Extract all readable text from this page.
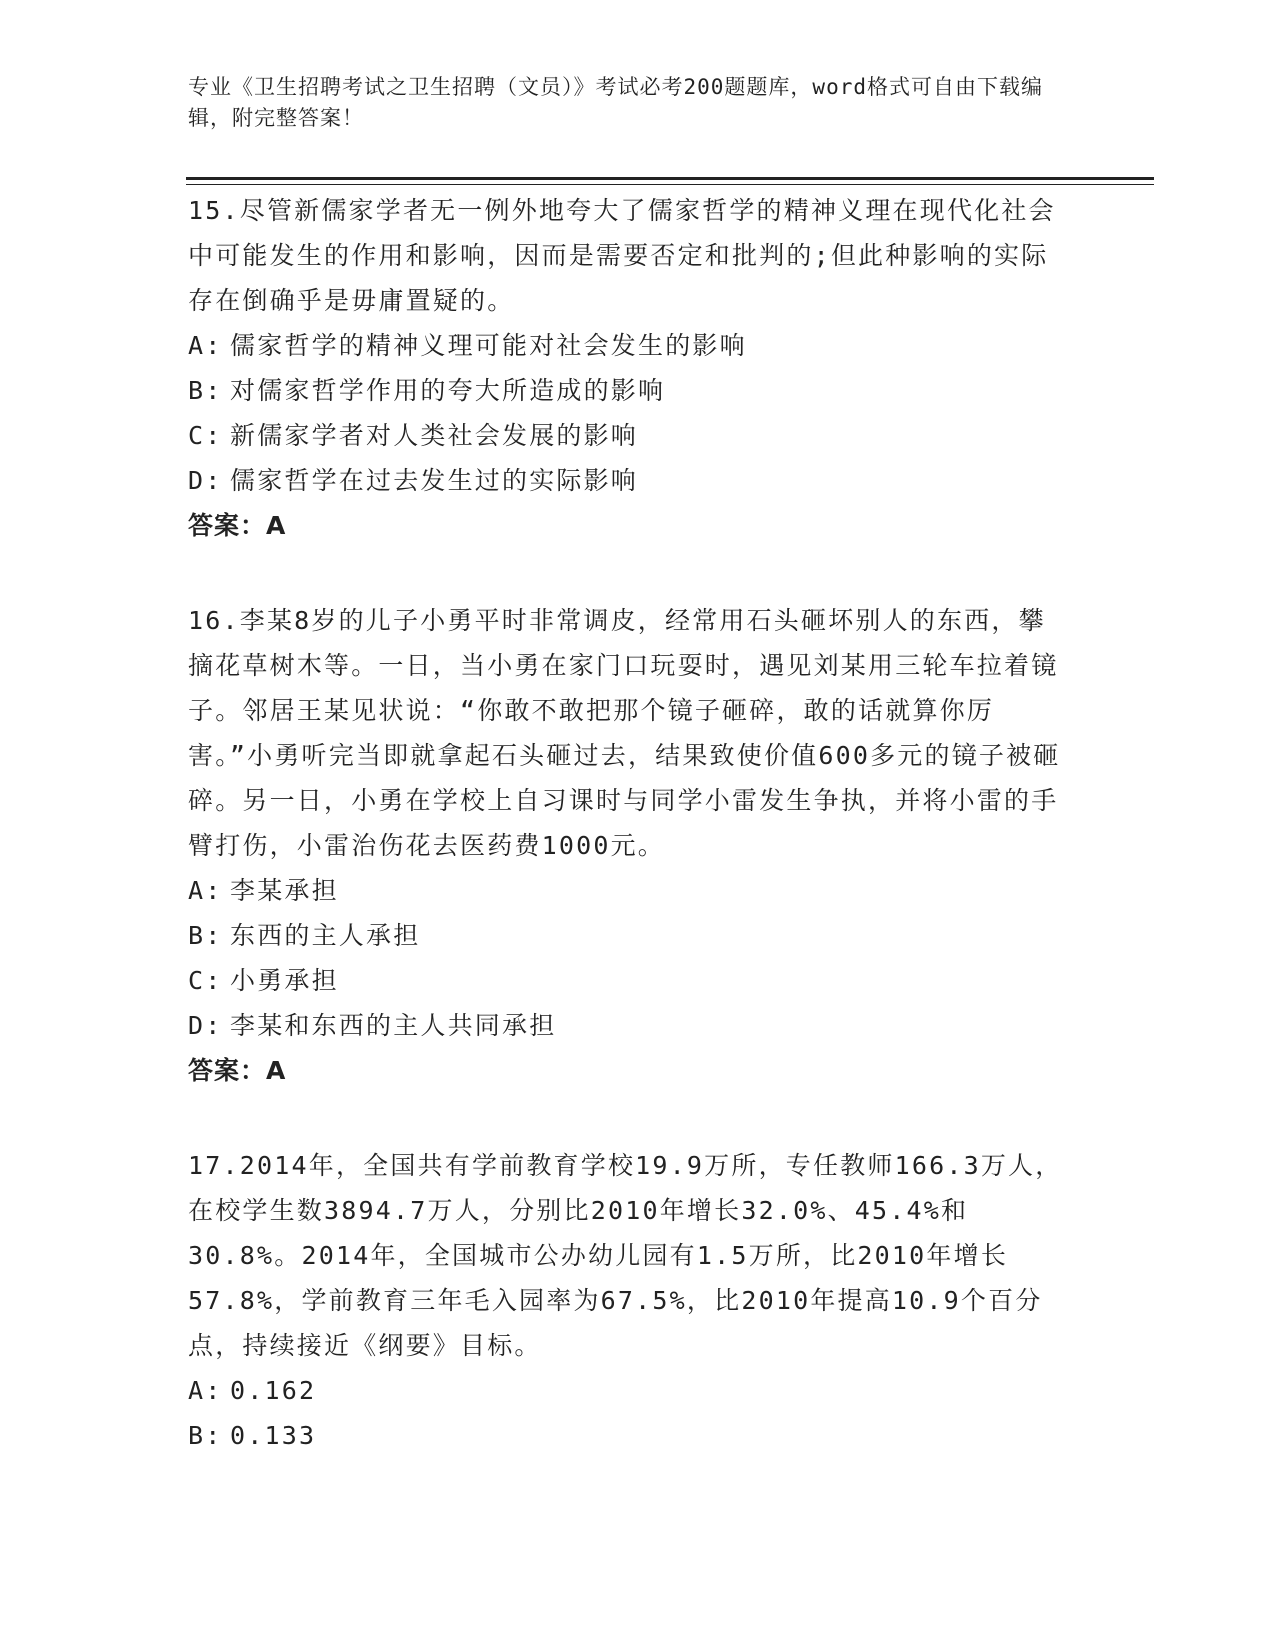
专业《卫生招聘考试之卫生招聘（文员）》考试必考200题题库，word格式可自由下载编辑，附完整答案！

15.尽管新儒家学者无一例外地夸大了儒家哲学的精神义理在现代化社会中可能发生的作用和影响，因而是需要否定和批判的;但此种影响的实际存在倒确乎是毋庸置疑的。

A: 儒家哲学的精神义理可能对社会发生的影响

B: 对儒家哲学作用的夸大所造成的影响

C: 新儒家学者对人类社会发展的影响

D: 儒家哲学在过去发生过的实际影响

答案：A

16.李某8岁的儿子小勇平时非常调皮，经常用石头砸坏别人的东西，攀摘花草树木等。一日，当小勇在家门口玩耍时，遇见刘某用三轮车拉着镜子。邻居王某见状说：“你敢不敢把那个镜子砸碎，敢的话就算你厉害。”小勇听完当即就拿起石头砸过去，结果致使价值600多元的镜子被砸碎。另一日，小勇在学校上自习课时与同学小雷发生争执，并将小雷的手臂打伤，小雷治伤花去医药费1000元。

A: 李某承担

B: 东西的主人承担

C: 小勇承担

D: 李某和东西的主人共同承担

答案：A

17.2014年，全国共有学前教育学校19.9万所，专任教师166.3万人，在校学生数3894.7万人，分别比2010年增长32.0%、45.4%和30.8%。2014年，全国城市公办幼儿园有1.5万所，比2010年增长57.8%，学前教育三年毛入园率为67.5%，比2010年提高10.9个百分点，持续接近《纲要》目标。

A: 0.162

B: 0.133
